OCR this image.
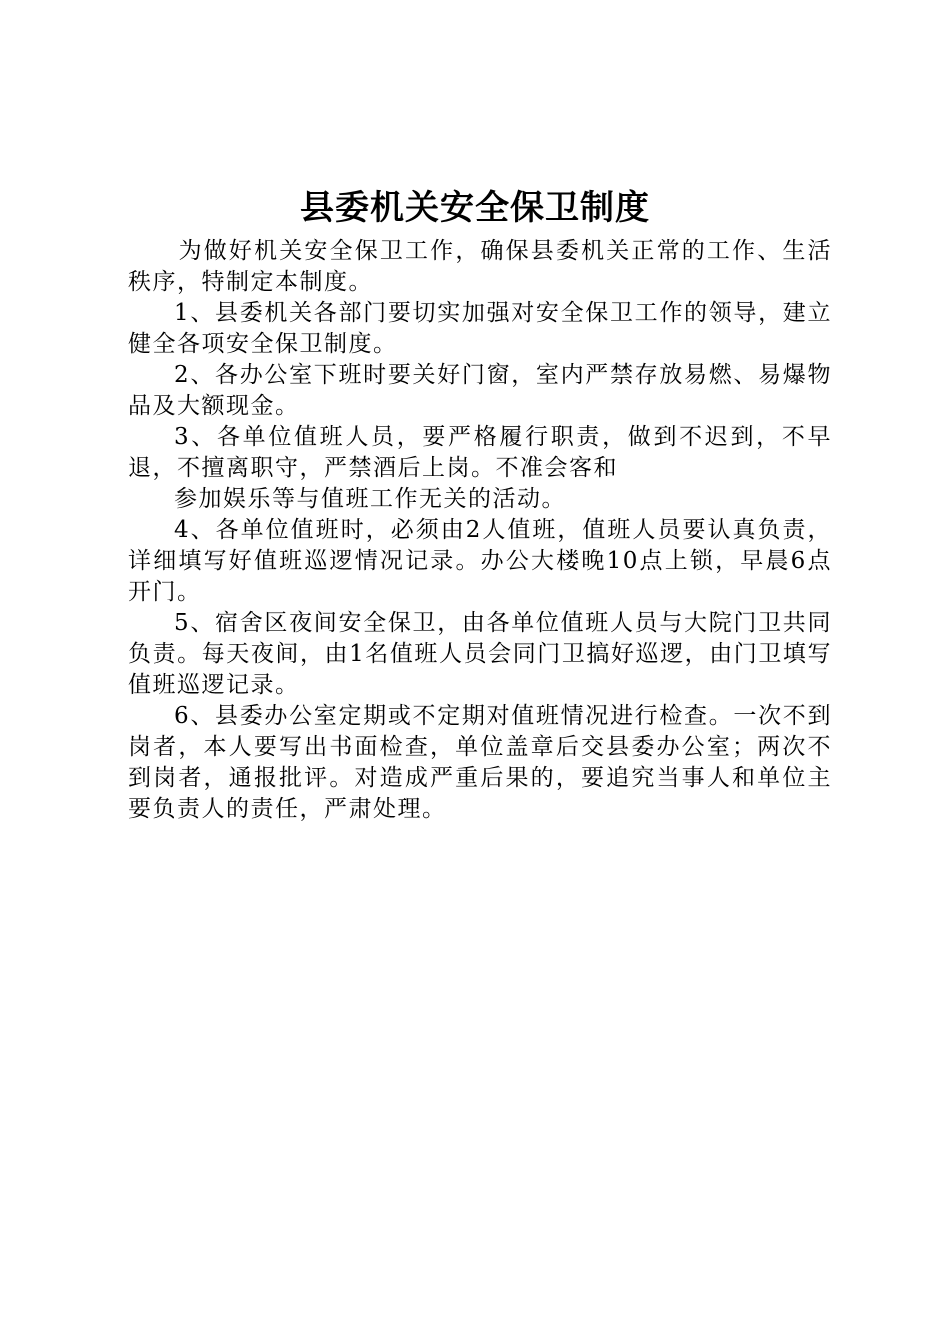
县委机关安全保卫制度

为做好机关安全保卫工作，确保县委机关正常的工作、生活秩序，特制定本制度。

1、县委机关各部门要切实加强对安全保卫工作的领导，建立健全各项安全保卫制度。

2、各办公室下班时要关好门窗，室内严禁存放易燃、易爆物品及大额现金。

3、各单位值班人员，要严格履行职责，做到不迟到，不早退，不擅离职守，严禁酒后上岗。不准会客和

参加娱乐等与值班工作无关的活动。

4、各单位值班时，必须由2人值班，值班人员要认真负责，详细填写好值班巡逻情况记录。办公大楼晚10点上锁，早晨6点开门。

5、宿舍区夜间安全保卫，由各单位值班人员与大院门卫共同负责。每天夜间，由1名值班人员会同门卫搞好巡逻，由门卫填写值班巡逻记录。

6、县委办公室定期或不定期对值班情况进行检查。一次不到岗者，本人要写出书面检查，单位盖章后交县委办公室；两次不到岗者，通报批评。对造成严重后果的，要追究当事人和单位主要负责人的责任，严肃处理。
